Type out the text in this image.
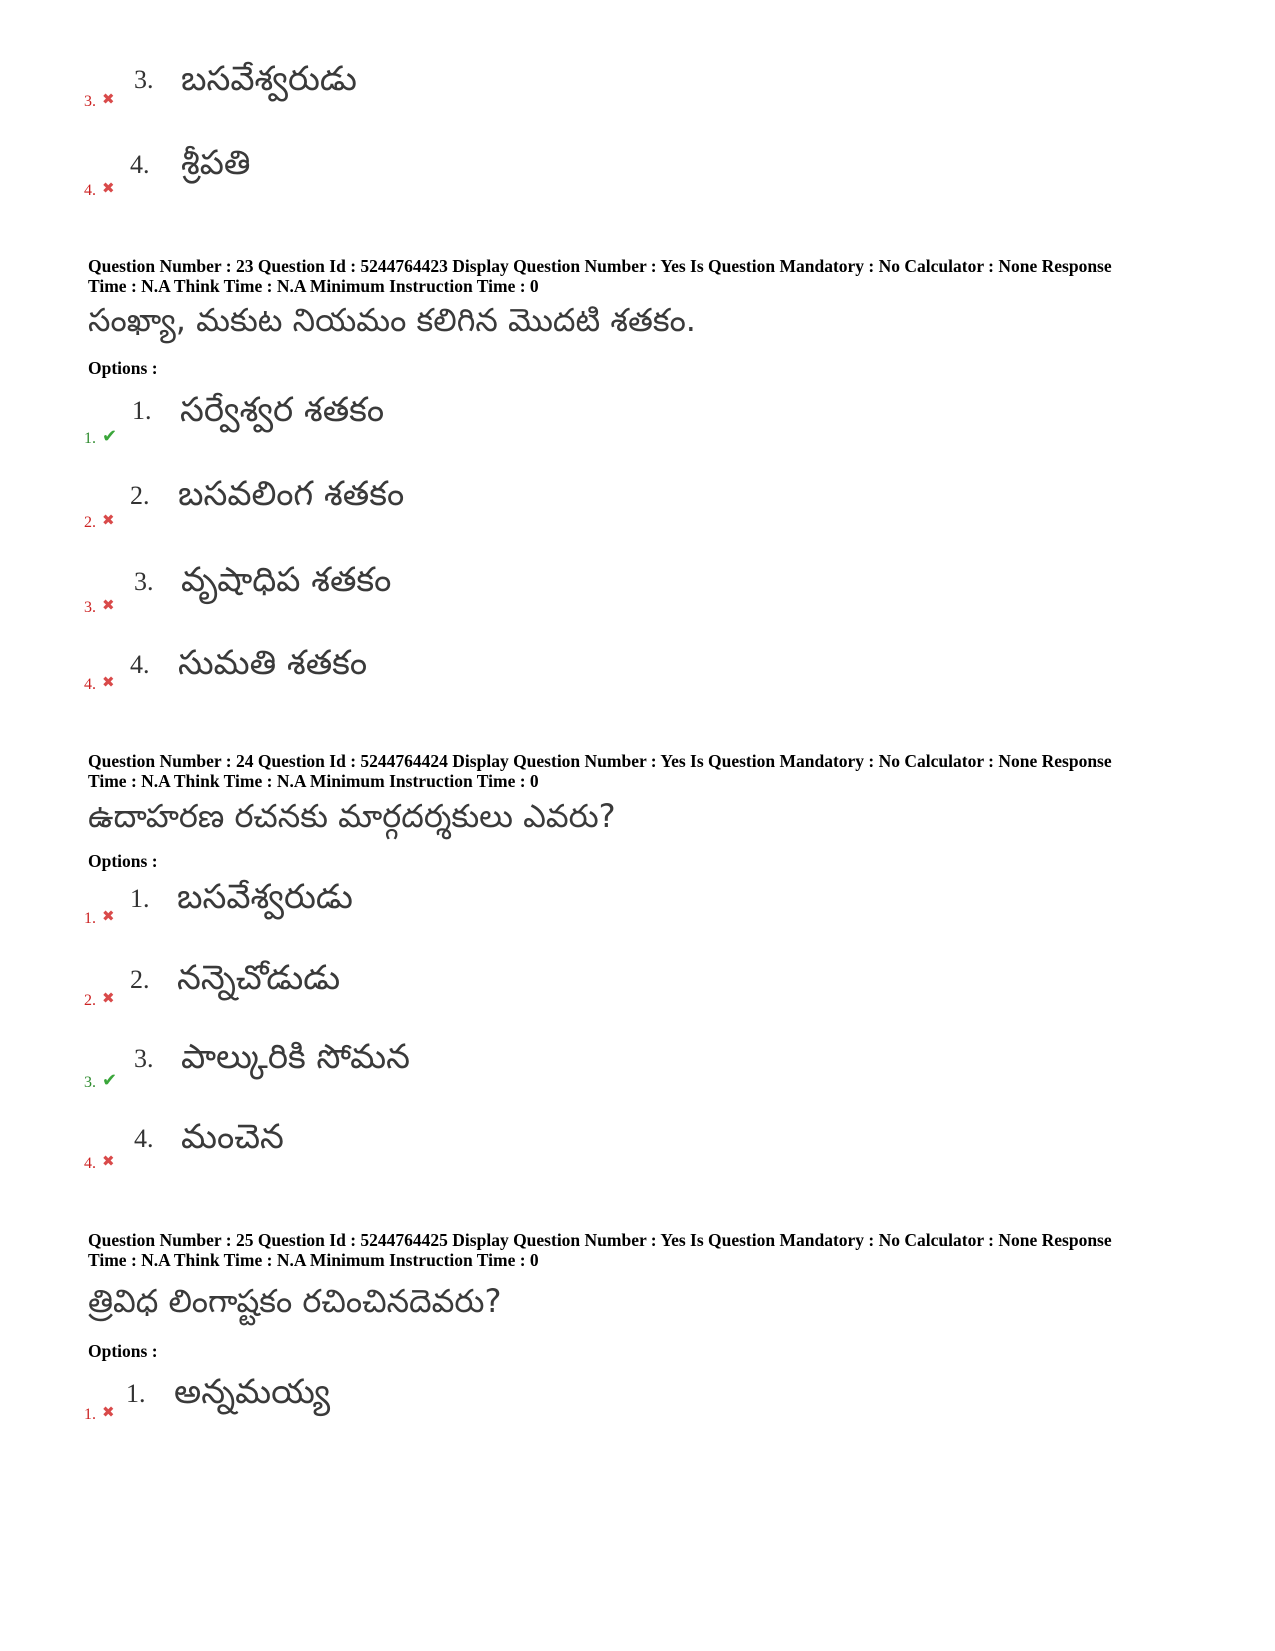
3. బసవేశ్వరుడు
3. ✖
4. శ్రీపతి
4. ✖
Question Number : 23 Question Id : 5244764423 Display Question Number : Yes Is Question Mandatory : No Calculator : None Response
Time : N.A Think Time : N.A Minimum Instruction Time : 0
సంఖ్యా, మకుట నియమం కలిగిన మొదటి శతకం.
Options :
1. సర్వేశ్వర శతకం
1. ✔
2. బసవలింగ శతకం
2. ✖
3. వృషాధిప శతకం
3. ✖
4. సుమతి శతకం
4. ✖
Question Number : 24 Question Id : 5244764424 Display Question Number : Yes Is Question Mandatory : No Calculator : None Response
Time : N.A Think Time : N.A Minimum Instruction Time : 0
ఉదాహరణ రచనకు మార్గదర్శకులు ఎవరు?
Options :
1. బసవేశ్వరుడు
1. ✖
2. నన్నెచోడుడు
2. ✖
3. పాల్కురికి సోమన
3. ✔
4. మంచెన
4. ✖
Question Number : 25 Question Id : 5244764425 Display Question Number : Yes Is Question Mandatory : No Calculator : None Response
Time : N.A Think Time : N.A Minimum Instruction Time : 0
త్రివిధ లింగాష్టకం రచించినదెవరు?
Options :
1. అన్నమయ్య
1. ✖
